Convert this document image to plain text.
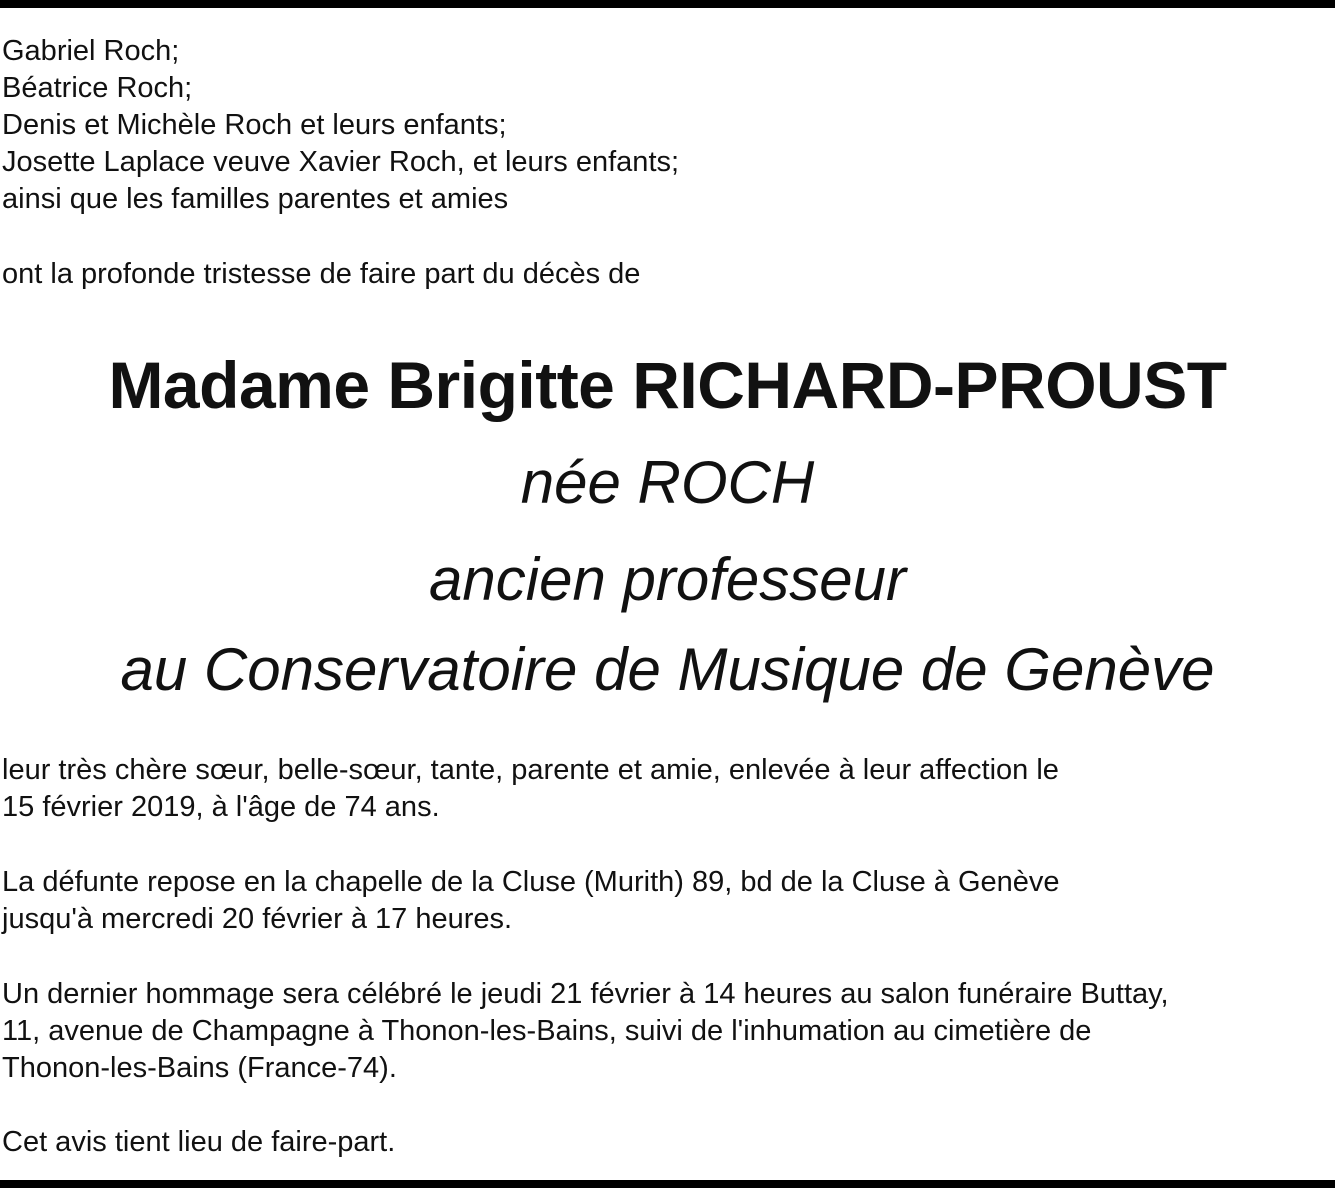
Gabriel Roch;
Béatrice Roch;
Denis et Michèle Roch et leurs enfants;
Josette Laplace veuve Xavier Roch, et leurs enfants;
ainsi que les familles parentes et amies
ont la profonde tristesse de faire part du décès de
Madame Brigitte RICHARD-PROUST
née ROCH
ancien professeur
au Conservatoire de Musique de Genève
leur très chère sœur, belle-sœur, tante, parente et amie, enlevée à leur affection le
15 février 2019, à l'âge de 74 ans.
La défunte repose en la chapelle de la Cluse (Murith) 89, bd de la Cluse à Genève
jusqu'à mercredi 20 février à 17 heures.
Un dernier hommage sera célébré le jeudi 21 février à 14 heures au salon funéraire Buttay,
11, avenue de Champagne à Thonon-les-Bains, suivi de l'inhumation au cimetière de
Thonon-les-Bains (France-74).
Cet avis tient lieu de faire-part.
